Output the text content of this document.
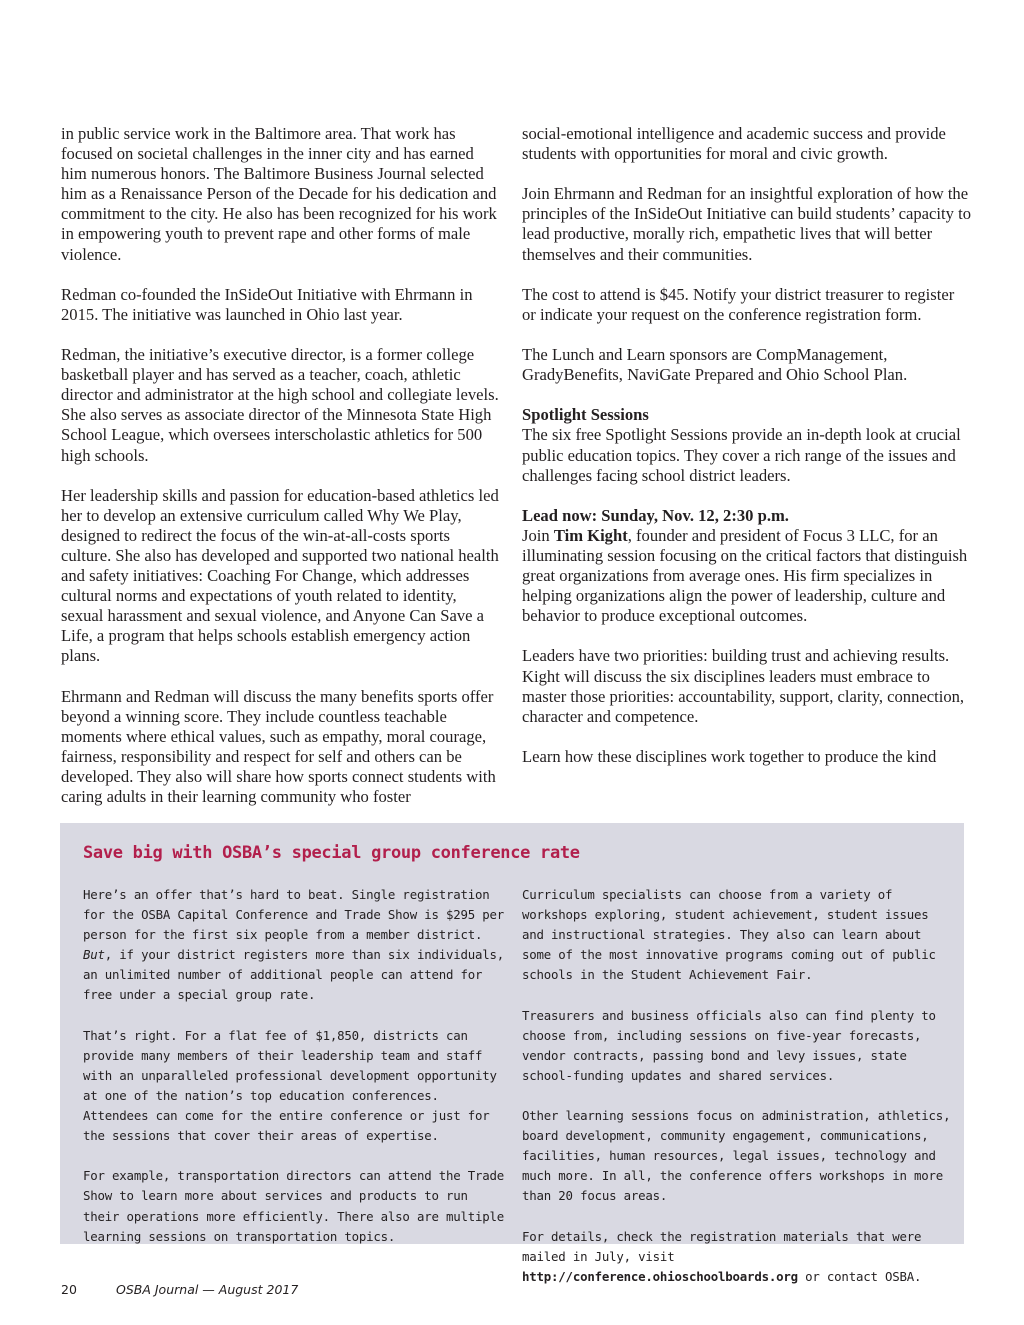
in public service work in the Baltimore area. That work has focused on societal challenges in the inner city and has earned him numerous honors. The Baltimore Business Journal selected him as a Renaissance Person of the Decade for his dedication and commitment to the city. He also has been recognized for his work in empowering youth to prevent rape and other forms of male violence.

Redman co-founded the InSideOut Initiative with Ehrmann in 2015. The initiative was launched in Ohio last year.

Redman, the initiative’s executive director, is a former college basketball player and has served as a teacher, coach, athletic director and administrator at the high school and collegiate levels. She also serves as associate director of the Minnesota State High School League, which oversees interscholastic athletics for 500 high schools.

Her leadership skills and passion for education-based athletics led her to develop an extensive curriculum called Why We Play, designed to redirect the focus of the win-at-all-costs sports culture. She also has developed and supported two national health and safety initiatives: Coaching For Change, which addresses cultural norms and expectations of youth related to identity, sexual harassment and sexual violence, and Anyone Can Save a Life, a program that helps schools establish emergency action plans.

Ehrmann and Redman will discuss the many benefits sports offer beyond a winning score. They include countless teachable moments where ethical values, such as empathy, moral courage, fairness, responsibility and respect for self and others can be developed. They also will share how sports connect students with caring adults in their learning community who foster

social-emotional intelligence and academic success and provide students with opportunities for moral and civic growth.

Join Ehrmann and Redman for an insightful exploration of how the principles of the InSideOut Initiative can build students’ capacity to lead productive, morally rich, empathetic lives that will better themselves and their communities.

The cost to attend is $45. Notify your district treasurer to register or indicate your request on the conference registration form.

The Lunch and Learn sponsors are CompManagement, GradyBenefits, NaviGate Prepared and Ohio School Plan.

Spotlight Sessions

The six free Spotlight Sessions provide an in-depth look at crucial public education topics. They cover a rich range of the issues and challenges facing school district leaders.

Lead now: Sunday, Nov. 12, 2:30 p.m.

Join Tim Kight, founder and president of Focus 3 LLC, for an illuminating session focusing on the critical factors that distinguish great organizations from average ones. His firm specializes in helping organizations align the power of leadership, culture and behavior to produce exceptional outcomes.

Leaders have two priorities: building trust and achieving results. Kight will discuss the six disciplines leaders must embrace to master those priorities: accountability, support, clarity, connection, character and competence.

Learn how these disciplines work together to produce the kind

Save big with OSBA’s special group conference rate

Here’s an offer that’s hard to beat. Single registration for the OSBA Capital Conference and Trade Show is $295 per person for the first six people from a member district. But, if your district registers more than six individuals, an unlimited number of additional people can attend for free under a special group rate.

That’s right. For a flat fee of $1,850, districts can provide many members of their leadership team and staff with an unparalleled professional development opportunity at one of the nation’s top education conferences. Attendees can come for the entire conference or just for the sessions that cover their areas of expertise.

For example, transportation directors can attend the Trade Show to learn more about services and products to run their operations more efficiently. There also are multiple learning sessions on transportation topics.

Curriculum specialists can choose from a variety of workshops exploring, student achievement, student issues and instructional strategies. They also can learn about some of the most innovative programs coming out of public schools in the Student Achievement Fair.

Treasurers and business officials also can find plenty to choose from, including sessions on five-year forecasts, vendor contracts, passing bond and levy issues, state school-funding updates and shared services.

Other learning sessions focus on administration, athletics, board development, community engagement, communications, facilities, human resources, legal issues, technology and much more. In all, the conference offers workshops in more than 20 focus areas.

For details, check the registration materials that were mailed in July, visit http://conference.ohioschoolboards.org or contact OSBA.

20	OSBA Journal — August 2017
